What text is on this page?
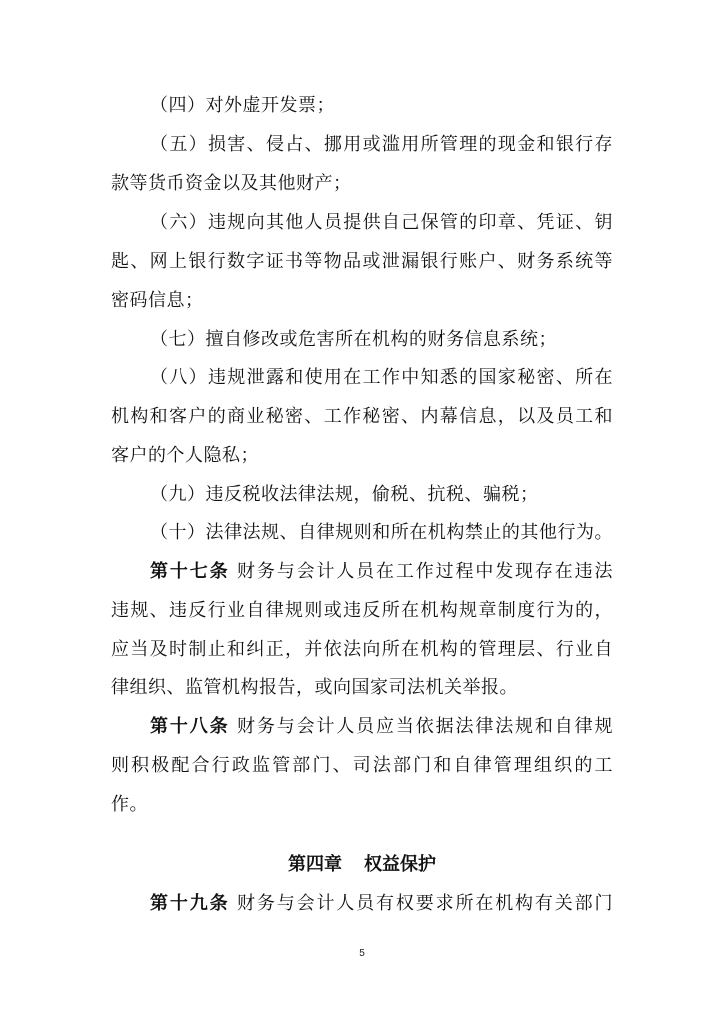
（四）对外虚开发票；
（五）损害、侵占、挪用或滥用所管理的现金和银行存
款等货币资金以及其他财产；
（六）违规向其他人员提供自己保管的印章、凭证、钥
匙、网上银行数字证书等物品或泄漏银行账户、财务系统等
密码信息；
（七）擅自修改或危害所在机构的财务信息系统；
（八）违规泄露和使用在工作中知悉的国家秘密、所在
机构和客户的商业秘密、工作秘密、内幕信息，以及员工和
客户的个人隐私；
（九）违反税收法律法规，偷税、抗税、骗税；
（十）法律法规、自律规则和所在机构禁止的其他行为。
第十七条 财务与会计人员在工作过程中发现存在违法
违规、违反行业自律规则或违反所在机构规章制度行为的，
应当及时制止和纠正，并依法向所在机构的管理层、行业自
律组织、监管机构报告，或向国家司法机关举报。
第十八条 财务与会计人员应当依据法律法规和自律规
则积极配合行政监管部门、司法部门和自律管理组织的工
作。
第四章 权益保护
第十九条 财务与会计人员有权要求所在机构有关部门
5
